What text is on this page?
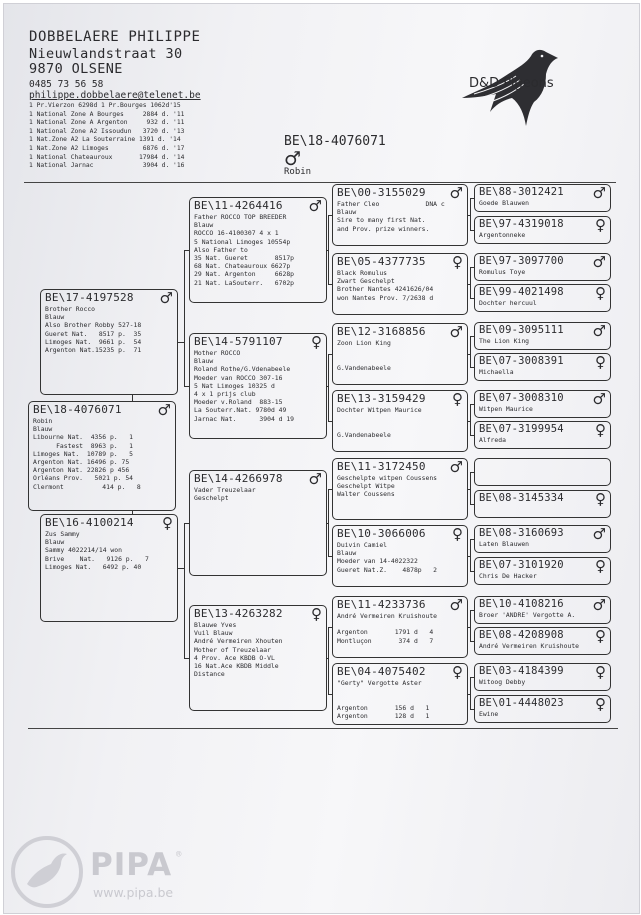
DOBBELAERE PHILIPPE
Nieuwlandstraat 30
9870 OLSENE
0485 73 56 58
philippe.dobbelaere@telenet.be
D&D Pigeons
1 Pr.Vierzon 6298d 1 Pr.Bourges 1062d'15
1 National Zone A Bourges     2884 d. '11
1 National Zone A Argenton     932 d. '11
1 National Zone A2 Issoudun   3720 d. '13
1 Nat.Zone A2 La Souterraine 1391 d. '14
1 Nat.Zone A2 Limoges         6876 d. '17
1 National Chateauroux       17984 d. '14
1 National Jarnac             3904 d. '16
BE\18-4076071
♂
Robin
BE\18-4076071 ♂
Robin
Blauw
Libourne Nat.  4356 p.   1
Fastest  8963 p.   1
Limoges Nat.  10789 p.   5
Argenton Nat. 16496 p. 75
Argenton Nat. 22826 p 456
Orléans Prov.   5021 p. 54
Clermont          414 p.   8
BE\17-4197528 ♂
Brother Rocco
Blauw
Also Brother Robby 527-18
Gueret Nat.   8517 p.  35
Limoges Nat.  9661 p.  54
Argenton Nat.15235 p.  71
BE\16-4100214 ♀
Zus Sammy
Blauw
Sammy 4022214/14 won
Brive    Nat.   9126 p.   7
Limoges Nat.   6492 p. 40
BE\11-4264416 ♂
Father ROCCO TOP BREEDER
Blauw
ROCCO 16-4100307 4 x 1
5 National Limoges 10554p
Also Father to
35 Nat. Gueret       8517p
68 Nat. Chateauroux 6627p
29 Nat. Argenton     6628p
21 Nat. LaSouterr.   6702p
BE\14-5791107 ♀
Mother ROCCO
Blauw
Roland Rothe/G.Vdenabeele
Moeder van ROCCO 307-16
5 Nat Limoges 10325 d
4 x 1 prijs club
Moeder v.Roland  883-15
La Souterr.Nat. 9780d 49
Jarnac Nat.      3904 d 19
BE\14-4266978 ♂
Vader Treuzelaar
Geschelpt
BE\13-4263282 ♀
Blauwe Yves
Vuil Blauw
André Vermeiren Xhouten
Mother of Treuzelaar
4 Prov. Ace KBDB O-VL
16 Nat.Ace KBDB Middle
Distance
BE\00-3155029 ♂
Father Cleo            DNA c
Blauw
Sire to many first Nat.
and Prov. prize winners.
BE\05-4377735 ♀
Black Romulus
Zwart Geschelpt
Brother Nantes 4241626/04
won Nantes Prov. 7/2638 d
BE\12-3168856 ♂
Zoon Lion King
G.Vandenabeele
BE\13-3159429 ♀
Dochter Witpen Maurice
G.Vandenabeele
BE\11-3172450 ♂
Geschelpte witpen Coussens
Geschelpt Witpe
Walter Coussens
BE\10-3066006 ♀
Duivin Camiel
Blauw
Moeder van 14-4022322
Gueret Nat.Z.    4878p   2
BE\11-4233736 ♂
André Vermeiren Kruishoute
Argenton       1791 d   4
Montluçon       374 d   7
BE\04-4075402 ♀
"Gerty" Vergotte Aster
Argenton       156 d   1
Argenton       128 d   1
BE\88-3012421 ♂
Goede Blauwen
BE\97-4319018 ♀
Argentonneke
BE\97-3097700 ♂
Romulus Toye
BE\99-4021498 ♀
Dochter hercuul
BE\09-3095111 ♂
The Lion King
BE\07-3008391 ♀
Michaella
BE\07-3008310 ♂
Witpen Maurice
BE\07-3199954 ♀
Alfreda
BE\08-3145334 ♀
BE\08-3160693 ♂
Laten Blauwen
BE\07-3101920 ♀
Chris De Hacker
BE\10-4108216 ♂
Broer 'ANDRE' Vergotte A.
BE\08-4208908 ♀
André Vermeiren Kruishoute
BE\03-4184399 ♀
Witoog Debby
BE\01-4448023 ♀
Ewine
PIPA
www.pipa.be
®
